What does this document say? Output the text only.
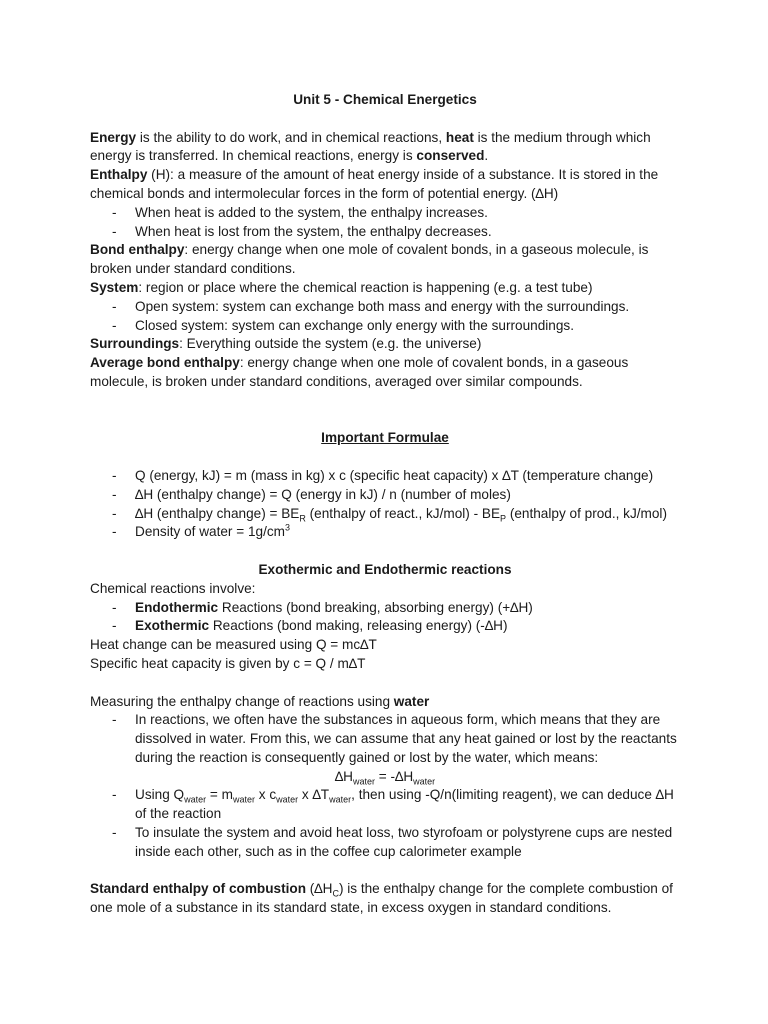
Unit 5 - Chemical Energetics

Energy is the ability to do work, and in chemical reactions, heat is the medium through which energy is transferred. In chemical reactions, energy is conserved.

Enthalpy (H): a measure of the amount of heat energy inside of a substance. It is stored in the chemical bonds and intermolecular forces in the form of potential energy. (∆H)

- When heat is added to the system, the enthalpy increases.
- When heat is lost from the system, the enthalpy decreases.

Bond enthalpy: energy change when one mole of covalent bonds, in a gaseous molecule, is broken under standard conditions.

System: region or place where the chemical reaction is happening (e.g. a test tube)

- Open system: system can exchange both mass and energy with the surroundings.
- Closed system: system can exchange only energy with the surroundings.

Surroundings: Everything outside the system (e.g. the universe)

Average bond enthalpy: energy change when one mole of covalent bonds, in a gaseous molecule, is broken under standard conditions, averaged over similar compounds.

Important Formulae

- Q (energy, kJ) = m (mass in kg) x c (specific heat capacity) x ∆T (temperature change)
- ∆H (enthalpy change) = Q (energy in kJ) / n (number of moles)
- ∆H (enthalpy change) = $BE_R$ (enthalpy of react., $kJ/mol) - BE_P$ (enthalpy of prod., kJ/mol)
- Density of water = $1g/cm^3$

Exothermic and Endothermic reactions

Chemical reactions involve:

- Endothermic Reactions (bond breaking, absorbing energy) (+∆H)
- Exothermic Reactions (bond making, releasing energy) (-∆H)

Heat change can be measured using Q = mc∆T

Specific heat capacity is given by c = Q / m∆T

Measuring the enthalpy change of reactions using water

- In reactions, we often have the substances in aqueous form, which means that they are dissolved in water. From this, we can assume that any heat gained or lost by the reactants during the reaction is consequently gained or lost by the water, which means:

$\Delta H_{water} = -\Delta H_{water}$

- Using $Q_{water} = m_{water}$ x $c_{water}$ x $\Delta T_{water}$, then using -Q/n(limiting reagent), we can deduce ∆H of the reaction
- To insulate the system and avoid heat loss, two styrofoam or polystyrene cups are nested inside each other, such as in the coffee cup calorimeter example

Standard enthalpy of combustion $(\Delta H_C)$ is the enthalpy change for the complete combustion of one mole of a substance in its standard state, in excess oxygen in standard conditions.
